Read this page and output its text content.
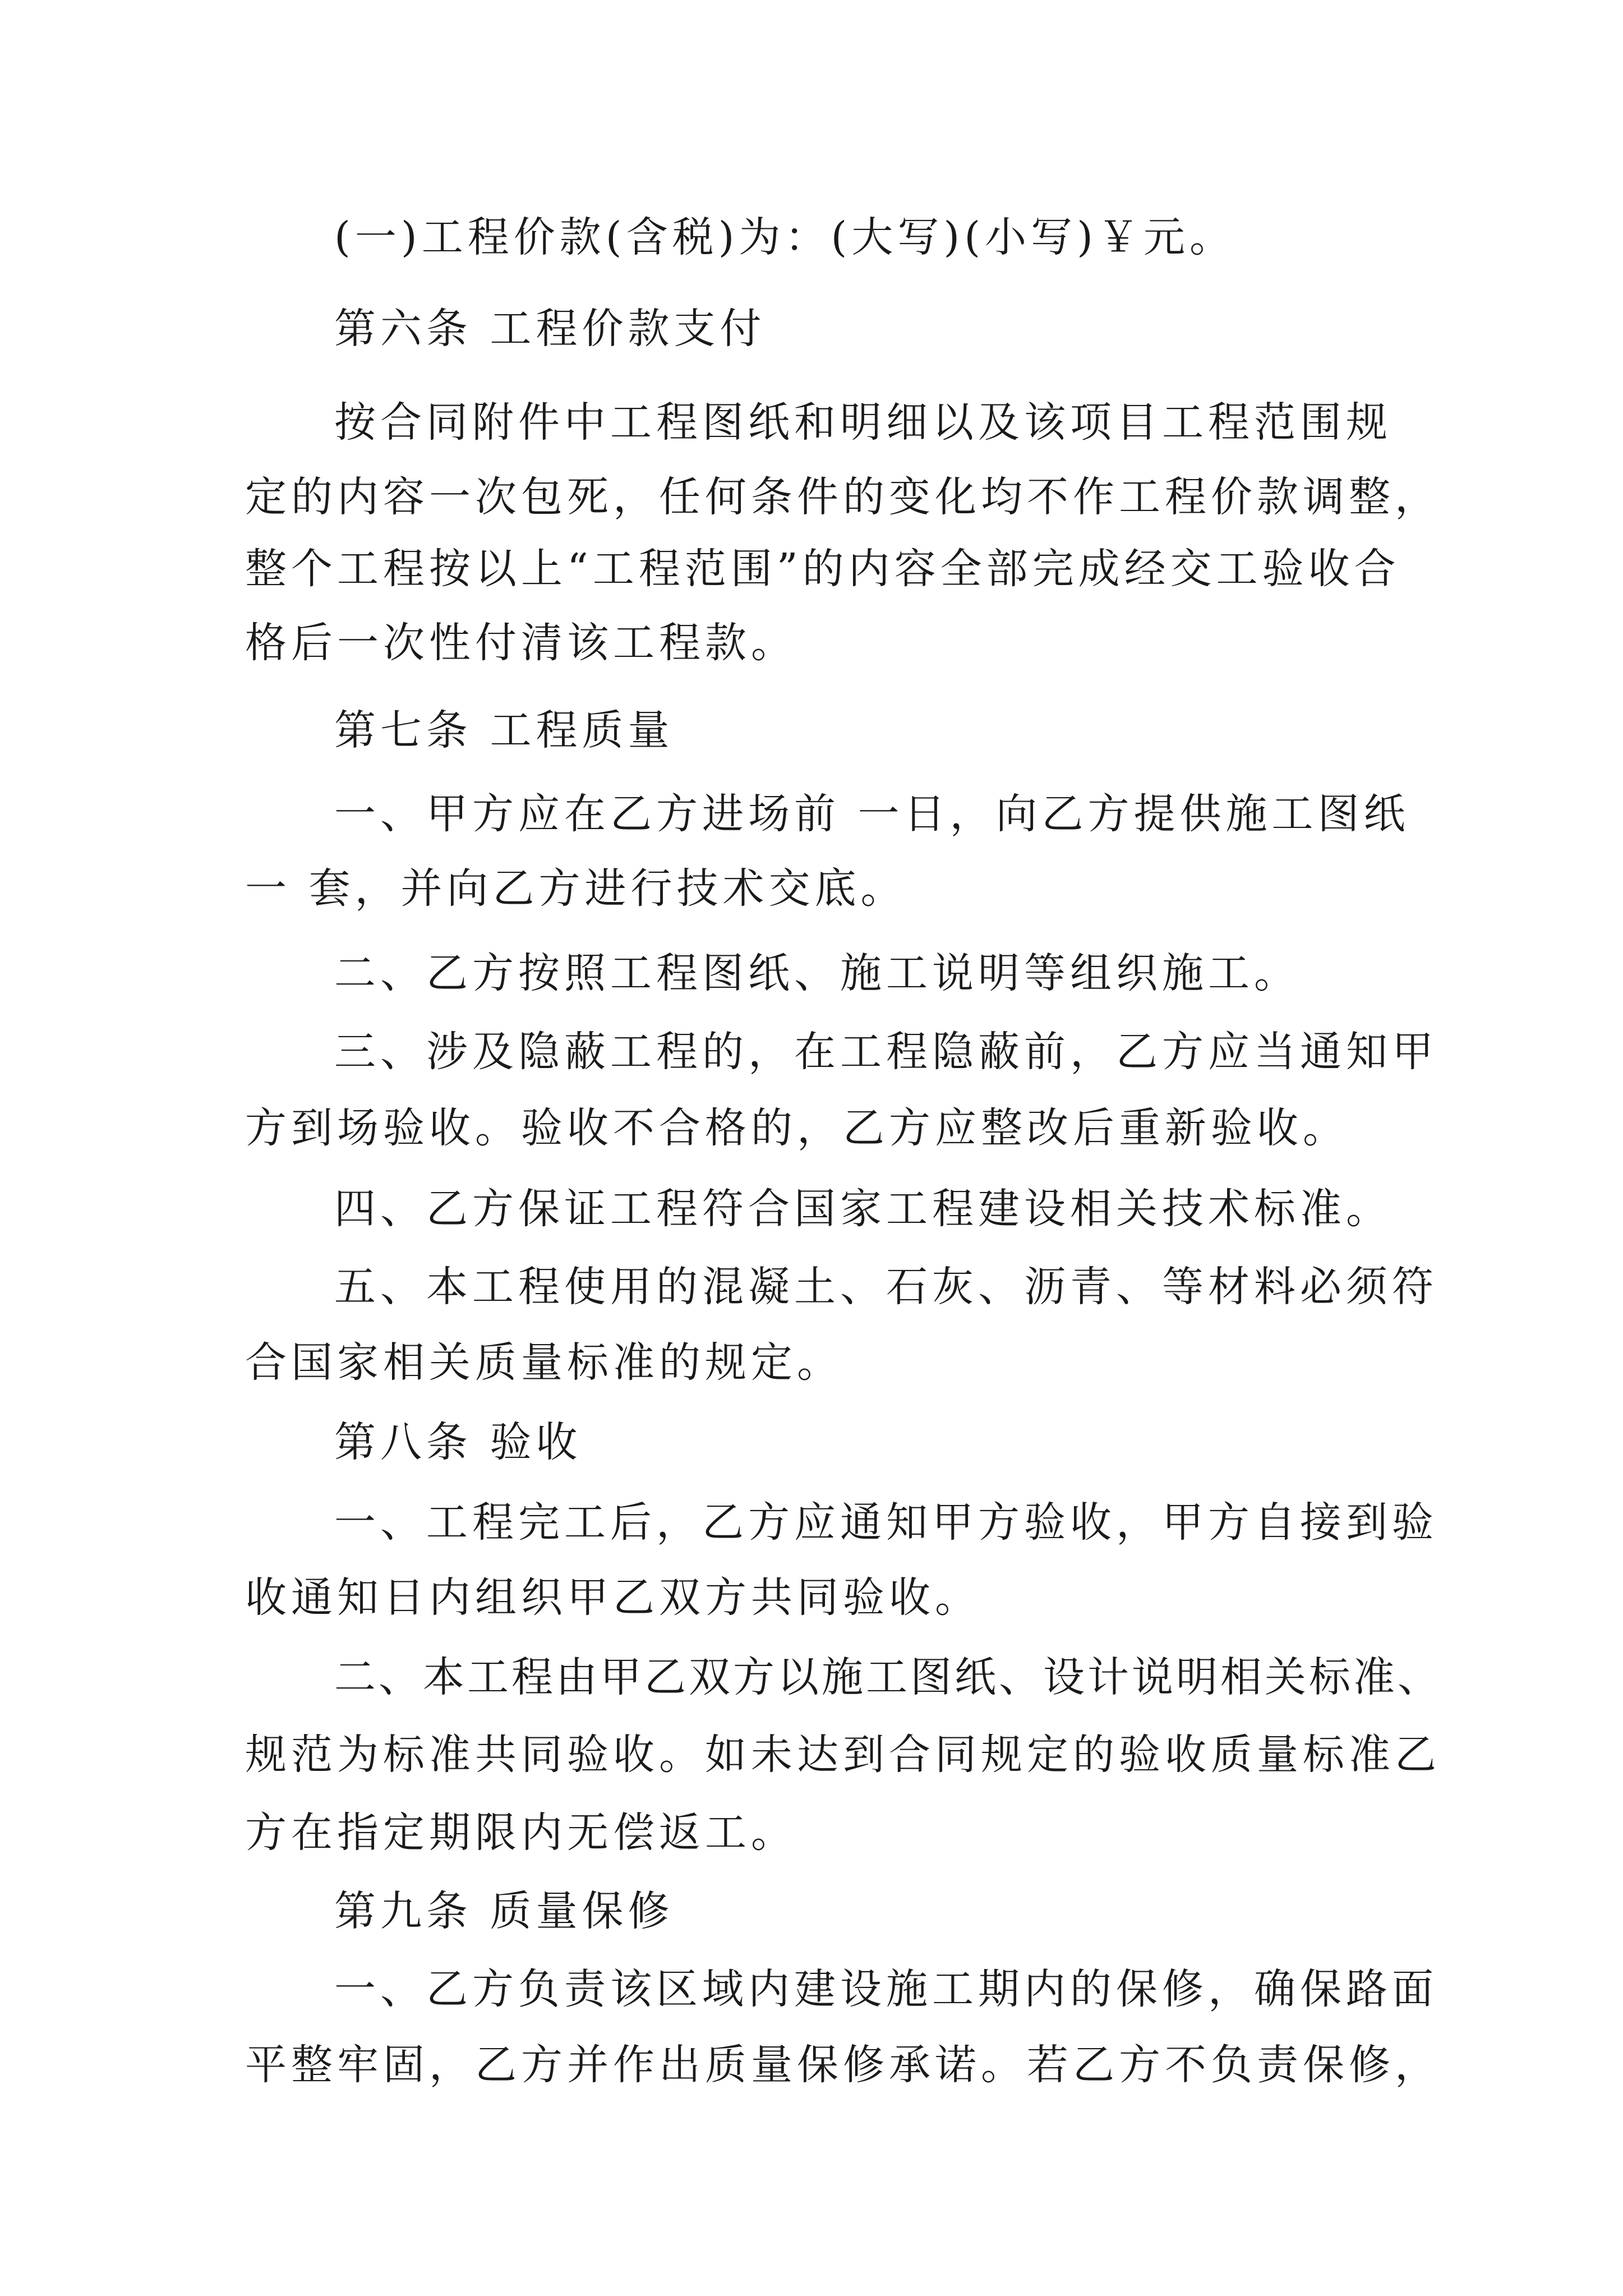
(一)工程价款(含税)为：(大写)(小写)￥元。

第六条 工程价款支付

按合同附件中工程图纸和明细以及该项目工程范围规

定的内容一次包死，任何条件的变化均不作工程价款调整，

整个工程按以上“工程范围”的内容全部完成经交工验收合

格后一次性付清该工程款。

第七条 工程质量

一、甲方应在乙方进场前 一日，向乙方提供施工图纸

一 套，并向乙方进行技术交底。

二、乙方按照工程图纸、施工说明等组织施工。

三、涉及隐蔽工程的，在工程隐蔽前，乙方应当通知甲

方到场验收。验收不合格的，乙方应整改后重新验收。

四、乙方保证工程符合国家工程建设相关技术标准。

五、本工程使用的混凝土、石灰、沥青、等材料必须符

合国家相关质量标准的规定。

第八条 验收

一、工程完工后，乙方应通知甲方验收，甲方自接到验

收通知日内组织甲乙双方共同验收。

二、本工程由甲乙双方以施工图纸、设计说明相关标准、

规范为标准共同验收。如未达到合同规定的验收质量标准乙

方在指定期限内无偿返工。

第九条 质量保修

一、乙方负责该区域内建设施工期内的保修，确保路面

平整牢固，乙方并作出质量保修承诺。若乙方不负责保修，
